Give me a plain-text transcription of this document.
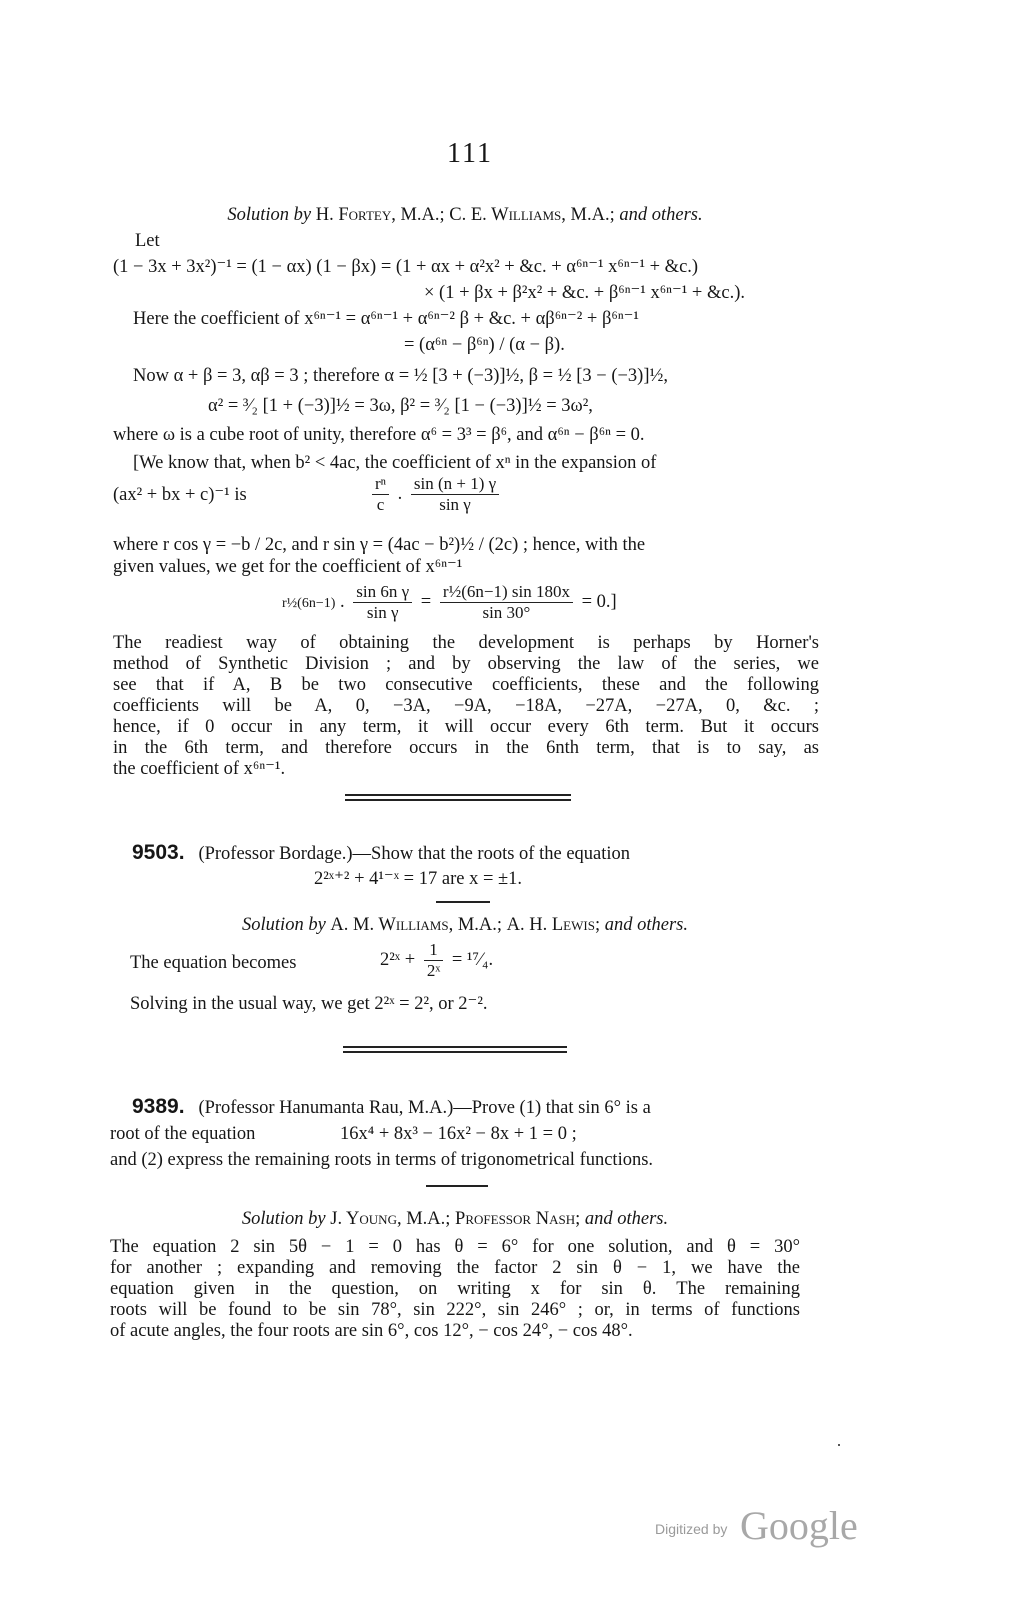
111
Solution by H. Fortey, M.A.; C. E. Williams, M.A.; and others.
Let
(1 − 3x + 3x²)⁻¹ = (1 − αx) (1 − βx) = (1 + αx + α²x² + &c. + α⁶ⁿ⁻¹ x⁶ⁿ⁻¹ + &c.)
× (1 + βx + β²x² + &c. + β⁶ⁿ⁻¹ x⁶ⁿ⁻¹ + &c.).
Here the coefficient of x⁶ⁿ⁻¹ = α⁶ⁿ⁻¹ + α⁶ⁿ⁻² β + &c. + αβ⁶ⁿ⁻² + β⁶ⁿ⁻¹
= (α⁶ⁿ − β⁶ⁿ) / (α − β).
Now α + β = 3, αβ = 3 ; therefore α = ½ [3 + (−3)]½, β = ½ [3 − (−3)]½,
α² = ³⁄₂ [1 + (−3)]½ = 3ω, β² = ³⁄₂ [1 − (−3)]½ = 3ω²,
where ω is a cube root of unity, therefore α⁶ = 3³ = β⁶, and α⁶ⁿ − β⁶ⁿ = 0.
[We know that, when b² < 4ac, the coefficient of xⁿ in the expansion of
(ax² + bx + c)⁻¹ is	$\frac{\text{rⁿ}}{c}$ . $\frac{\sin (n + 1) \gamma}{\text{sin γ}}$
where r cos γ = −b / 2c, and r sin γ = (4ac − b²)½ / (2c) ; hence, with the
given values, we get for the coefficient of x⁶ⁿ⁻¹
r½(6n−1) . $\frac{\text{sin 6n γ}}{\text{sin γ}} = \frac{\text{r½(6n−1) sin 180x}}{\sin 30^\circ} = 0$.]
The readiest way of obtaining the development is perhaps by Horner's
method of Synthetic Division ; and by observing the law of the series, we
see that if A, B be two consecutive coefficients, these and the following
coefficients will be A, 0, −3A, −9A, −18A, −27A, −27A, 0, &c. ;
hence, if 0 occur in any term, it will occur every 6th term. But it occurs
in the 6th term, and therefore occurs in the 6nth term, that is to say, as
the coefficient of x⁶ⁿ⁻¹.
9503. (Professor Bordage.)—Show that the roots of the equation
2²ˣ⁺² + 4¹⁻ˣ = 17 are x = ±1.
Solution by A. M. Williams, M.A.; A. H. Lewis; and others.
The equation becomes	2²ˣ + $\frac{1}{\text{2ˣ}}$ = ¹⁷⁄₄.
Solving in the usual way, we get 2²ˣ = 2², or 2⁻².
9389. (Professor Hanumanta Rau, M.A.)—Prove (1) that sin 6° is a
root of the equation	16x⁴ + 8x³ − 16x² − 8x + 1 = 0 ;
and (2) express the remaining roots in terms of trigonometrical functions.
Solution by J. Young, M.A.; Professor Nash; and others.
The equation 2 sin 5θ − 1 = 0 has θ = 6° for one solution, and θ = 30°
for another ; expanding and removing the factor 2 sin θ − 1, we have the
equation given in the question, on writing x for sin θ. The remaining
roots will be found to be sin 78°, sin 222°, sin 246° ; or, in terms of functions
of acute angles, the four roots are sin 6°, cos 12°, − cos 24°, − cos 48°.
Digitized by Google
